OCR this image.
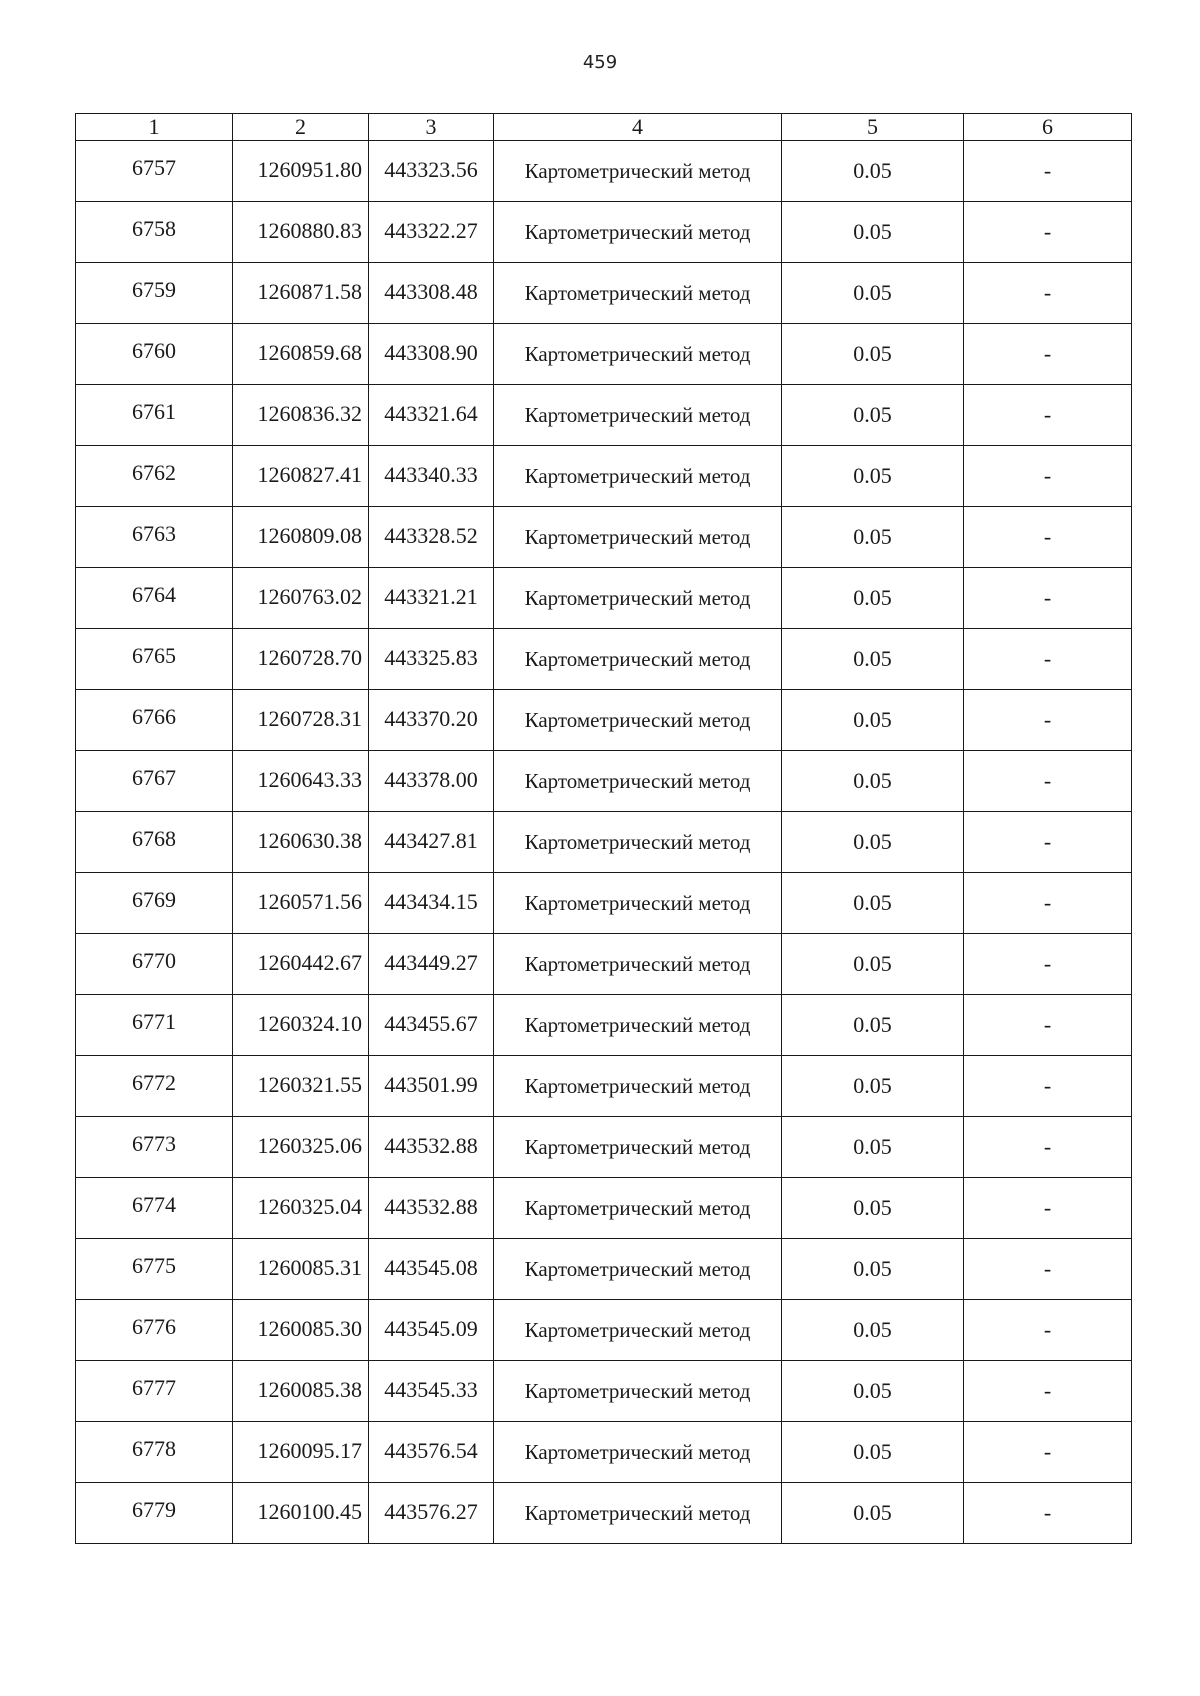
459
1	2	3	4	5	6
6757	1260951.80	443323.56	Картометрический метод	0.05	-
6758	1260880.83	443322.27	Картометрический метод	0.05	-
6759	1260871.58	443308.48	Картометрический метод	0.05	-
6760	1260859.68	443308.90	Картометрический метод	0.05	-
6761	1260836.32	443321.64	Картометрический метод	0.05	-
6762	1260827.41	443340.33	Картометрический метод	0.05	-
6763	1260809.08	443328.52	Картометрический метод	0.05	-
6764	1260763.02	443321.21	Картометрический метод	0.05	-
6765	1260728.70	443325.83	Картометрический метод	0.05	-
6766	1260728.31	443370.20	Картометрический метод	0.05	-
6767	1260643.33	443378.00	Картометрический метод	0.05	-
6768	1260630.38	443427.81	Картометрический метод	0.05	-
6769	1260571.56	443434.15	Картометрический метод	0.05	-
6770	1260442.67	443449.27	Картометрический метод	0.05	-
6771	1260324.10	443455.67	Картометрический метод	0.05	-
6772	1260321.55	443501.99	Картометрический метод	0.05	-
6773	1260325.06	443532.88	Картометрический метод	0.05	-
6774	1260325.04	443532.88	Картометрический метод	0.05	-
6775	1260085.31	443545.08	Картометрический метод	0.05	-
6776	1260085.30	443545.09	Картометрический метод	0.05	-
6777	1260085.38	443545.33	Картометрический метод	0.05	-
6778	1260095.17	443576.54	Картометрический метод	0.05	-
6779	1260100.45	443576.27	Картометрический метод	0.05	-
